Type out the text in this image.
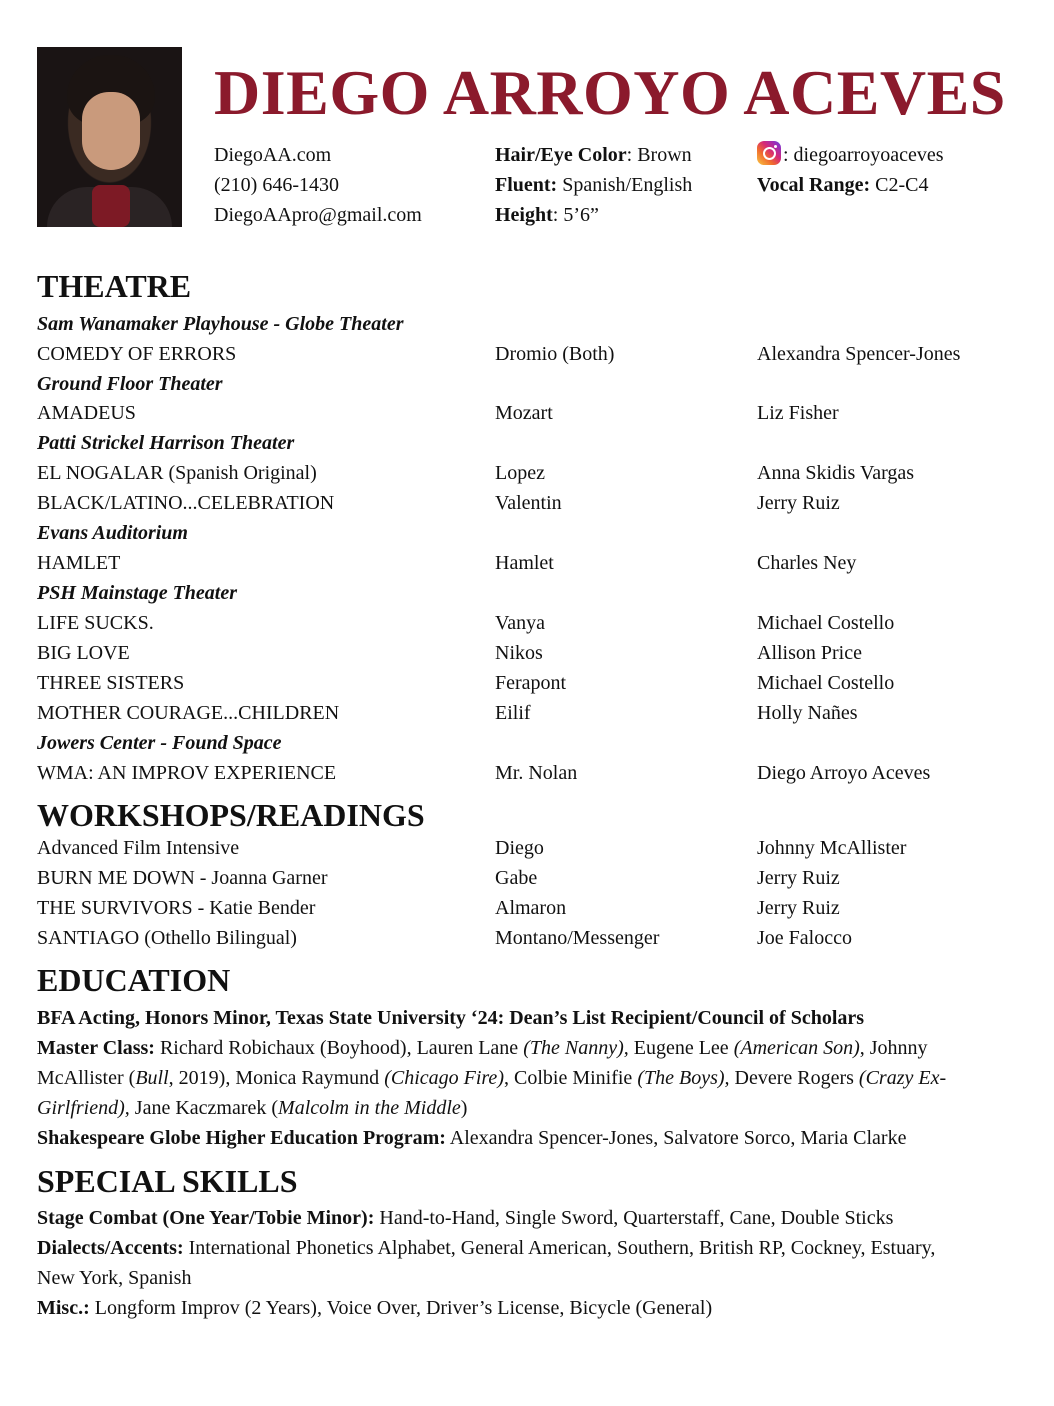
DIEGO ARROYO ACEVES
DiegoAA.com
(210) 646-1430
DiegoAApro@gmail.com
Hair/Eye Color: Brown
Fluent: Spanish/English
Height: 5’6”
: diegoarroyoaceves
Vocal Range: C2-C4
THEATRE
Sam Wanamaker Playhouse - Globe Theater
COMEDY OF ERRORS	Dromio (Both)	Alexandra Spencer-Jones
Ground Floor Theater
AMADEUS	Mozart	Liz Fisher
Patti Strickel Harrison Theater
EL NOGALAR (Spanish Original)	Lopez	Anna Skidis Vargas
BLACK/LATINO...CELEBRATION	Valentin	Jerry Ruiz
Evans Auditorium
HAMLET	Hamlet	Charles Ney
PSH Mainstage Theater
LIFE SUCKS.	Vanya	Michael Costello
BIG LOVE	Nikos	Allison Price
THREE SISTERS	Ferapont	Michael Costello
MOTHER COURAGE...CHILDREN	Eilif	Holly Nañes
Jowers Center - Found Space
WMA: AN IMPROV EXPERIENCE	Mr. Nolan	Diego Arroyo Aceves
WORKSHOPS/READINGS
Advanced Film Intensive	Diego	Johnny McAllister
BURN ME DOWN - Joanna Garner	Gabe	Jerry Ruiz
THE SURVIVORS - Katie Bender	Almaron	Jerry Ruiz
SANTIAGO (Othello Bilingual)	Montano/Messenger	Joe Falocco
EDUCATION
BFA Acting, Honors Minor, Texas State University ‘24: Dean’s List Recipient/Council of Scholars
Master Class: Richard Robichaux (Boyhood), Lauren Lane (The Nanny), Eugene Lee (American Son), Johnny McAllister (Bull, 2019), Monica Raymund (Chicago Fire), Colbie Minifie (The Boys), Devere Rogers (Crazy Ex-Girlfriend), Jane Kaczmarek (Malcolm in the Middle)
Shakespeare Globe Higher Education Program: Alexandra Spencer-Jones, Salvatore Sorco, Maria Clarke
SPECIAL SKILLS
Stage Combat (One Year/Tobie Minor): Hand-to-Hand, Single Sword, Quarterstaff, Cane, Double Sticks
Dialects/Accents: International Phonetics Alphabet, General American, Southern, British RP, Cockney, Estuary, New York, Spanish
Misc.: Longform Improv (2 Years), Voice Over, Driver’s License, Bicycle (General)
